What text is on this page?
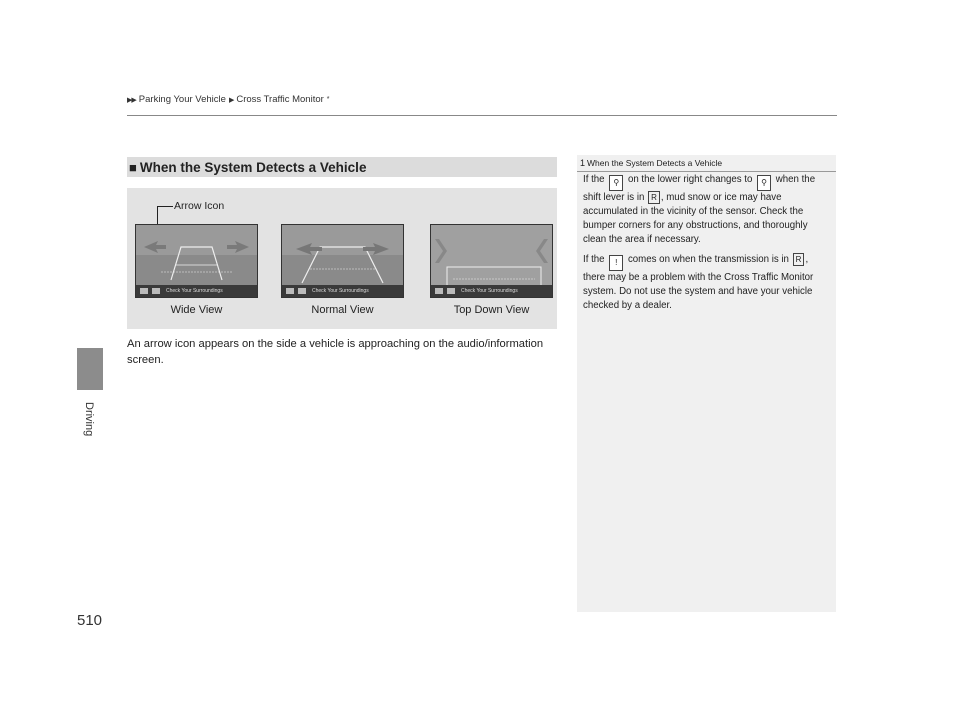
▶▶ Parking Your Vehicle ▶ Cross Traffic Monitor *
Driving
510
■ When the System Detects a Vehicle
Arrow Icon
Check Your Surroundings
Wide View
Check Your Surroundings
Normal View
Check Your Surroundings
Top Down View
An arrow icon appears on the side a vehicle is approaching on the audio/information screen.
1 When the System Detects a Vehicle
If the ⚲ on the lower right changes to ⚲ when the shift lever is in R , mud snow or ice may have accumulated in the vicinity of the sensor. Check the bumper corners for any obstructions, and thoroughly clean the area if necessary.
If the ! comes on when the transmission is in R , there may be a problem with the Cross Traffic Monitor system. Do not use the system and have your vehicle checked by a dealer.
